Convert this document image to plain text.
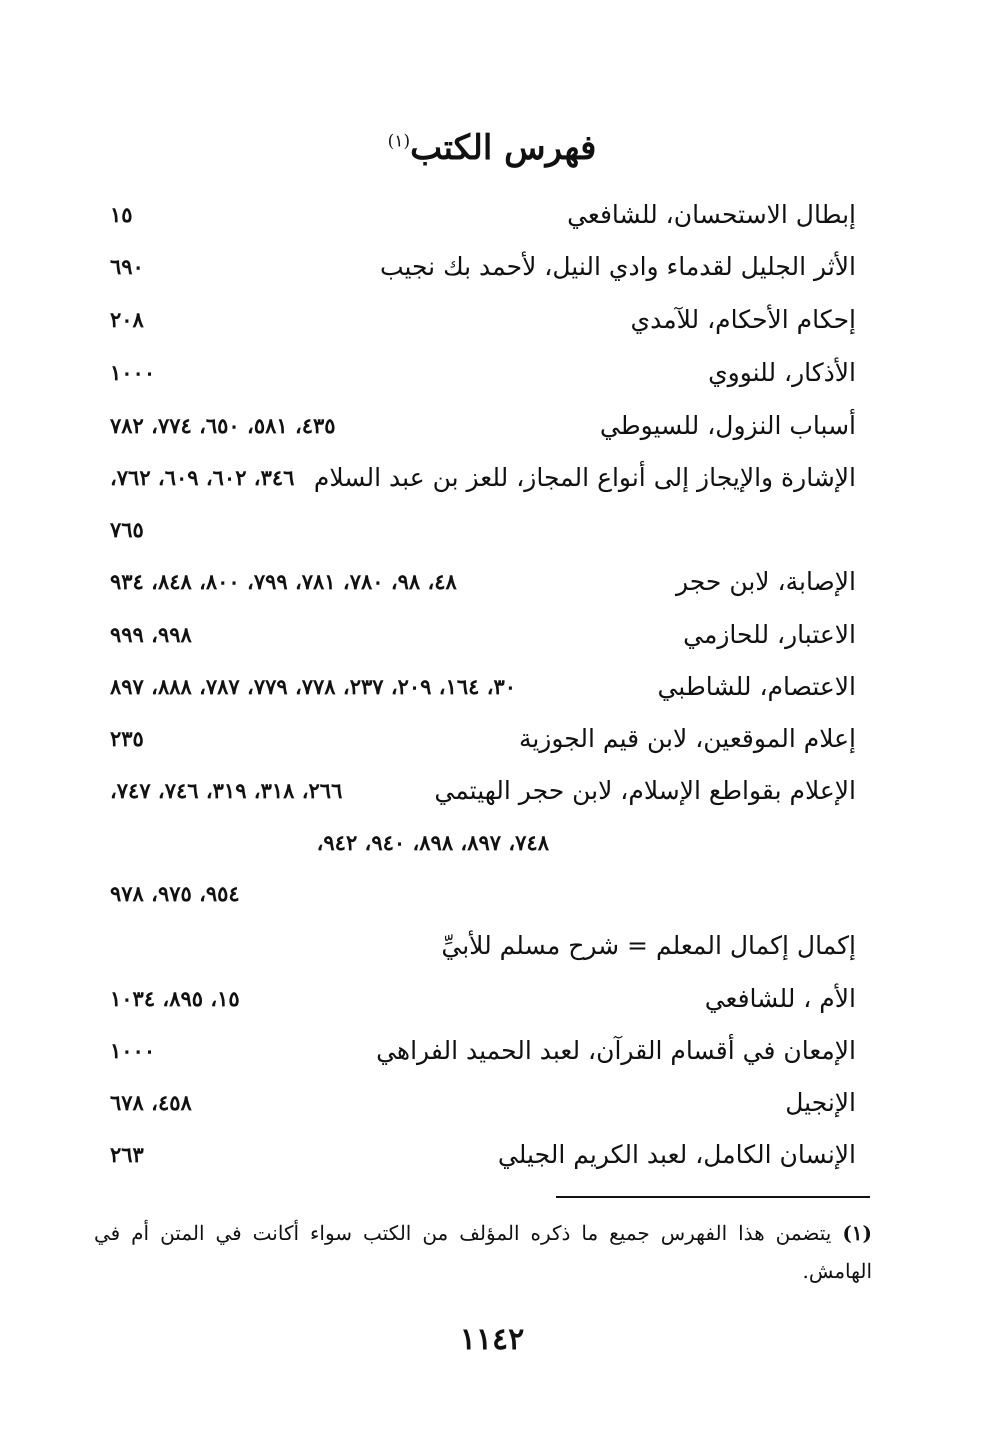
فهرس الكتب$^{(١)}$
إبطال الاستحسان، للشافعي
١٥
الأثر الجليل لقدماء وادي النيل، لأحمد بك نجيب
٦٩٠
إحكام الأحكام، للآمدي
٢٠٨
الأذكار، للنووي
١٠٠٠
أسباب النزول، للسيوطي
٤٣٥، ٥٨١، ٦٥٠، ٧٧٤، ٧٨٢
الإشارة والإيجاز إلى أنواع المجاز، للعز بن عبد السلام
٣٤٦، ٦٠٢، ٦٠٩، ٧٦٢،
٧٦٥
الإصابة، لابن حجر
٤٨، ٩٨، ٧٨٠، ٧٨١، ٧٩٩، ٨٠٠، ٨٤٨، ٩٣٤
الاعتبار، للحازمي
٩٩٨، ٩٩٩
الاعتصام، للشاطبي
٣٠، ١٦٤، ٢٠٩، ٢٣٧، ٧٧٨، ٧٧٩، ٧٨٧، ٨٨٨، ٨٩٧
إعلام الموقعين، لابن قيم الجوزية
٢٣٥
الإعلام بقواطع الإسلام، لابن حجر الهيتمي
٢٦٦، ٣١٨، ٣١٩، ٧٤٦، ٧٤٧،
٧٤٨، ٨٩٧، ٨٩٨، ٩٤٠، ٩٤٢،
٩٥٤، ٩٧٥، ٩٧٨
إكمال إكمال المعلم = شرح مسلم للأبيِّ
الأم ، للشافعي
١٥، ٨٩٥، ١٠٣٤
الإمعان في أقسام القرآن، لعبد الحميد الفراهي
١٠٠٠
الإنجيل
٤٥٨، ٦٧٨
الإنسان الكامل، لعبد الكريم الجيلي
٢٦٣
(١) يتضمن هذا الفهرس جميع ما ذكره المؤلف من الكتب سواء أكانت في المتن أم في الهامش.
١١٤٢
